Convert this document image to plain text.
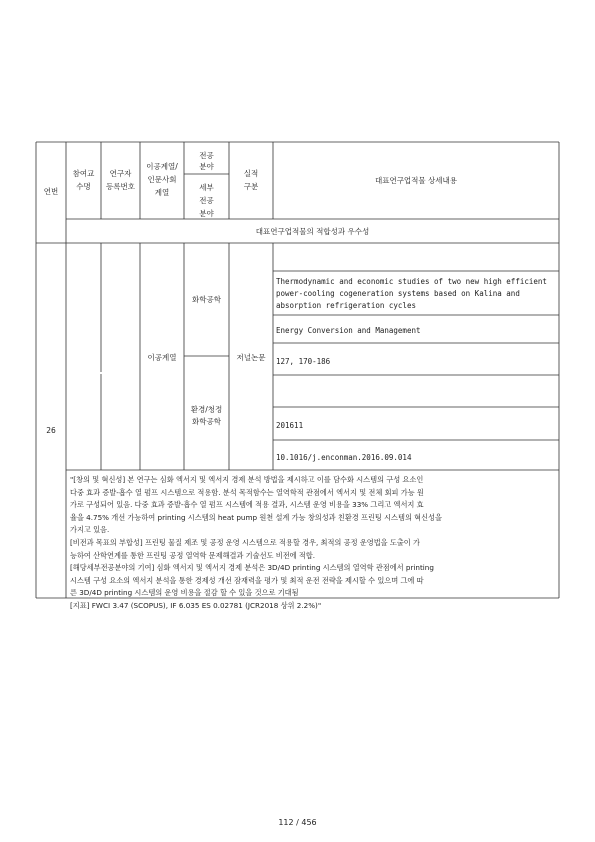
연번
참여교
수명
연구자
등록번호
이공계열/
인문사회
계열
전공
분야
세부
전공
분야
실적
구분
대표연구업적물 상세내용
대표연구업적물의 적합성과 우수성
26
이공계열
화학공학
환경/청정
화학공학
저널논문
Thermodynamic and economic studies of two new high efficient
power-cooling cogeneration systems based on Kalina and
absorption refrigeration cycles
Energy Conversion and Management
127, 170-186
201611
10.1016/j.enconman.2016.09.014
"[창의 및 혁신성] 본 연구는 심화 엑서지 및 엑서지 경제 분석 방법을 제시하고 이를 담수화 시스템의 구성 요소인
다중 효과 증발-흡수 열 펌프 시스템으로 적용함. 분석 목적함수는 열역학적 관점에서 엑서지 및 전체 회피 가능 원
가로 구성되어 있음. 다중 효과 증발-흡수 열 펌프 시스템에 적용 결과, 시스템 운영 비용을 33% 그리고 엑서지 효
율을 4.75% 개선 가능하여 printing 시스템의 heat pump 원천 설계 가능 창의성과 친환경 프린팅 시스템의 혁신성을
가지고 있음.
[비전과 목표의 부합성] 프린팅 물질 제조 및 공정 운영 시스템으로 적용할 경우, 최적의 공정 운영법을 도출이 가
능하여 산학연계를 통한 프린팅 공정 열역학 문제해결과 기술선도 비전에 적합.
[해당세부전공분야의 기여] 심화 엑서지 및 엑서지 경제 분석은 3D/4D printing 시스템의 열역학 관점에서 printing
시스템 구성 요소의 엑서지 분석을 통한 경제성 개선 잠재력을 평가 및 최적 운전 전략을 제시할 수 있으며 그에 따
른 3D/4D printing 시스템의 운영 비용을 절감 할 수 있을 것으로 기대됨
[지표] FWCI 3.47 (SCOPUS), IF 6.035 ES 0.02781 (JCR2018 상위 2.2%)"
112 / 456
